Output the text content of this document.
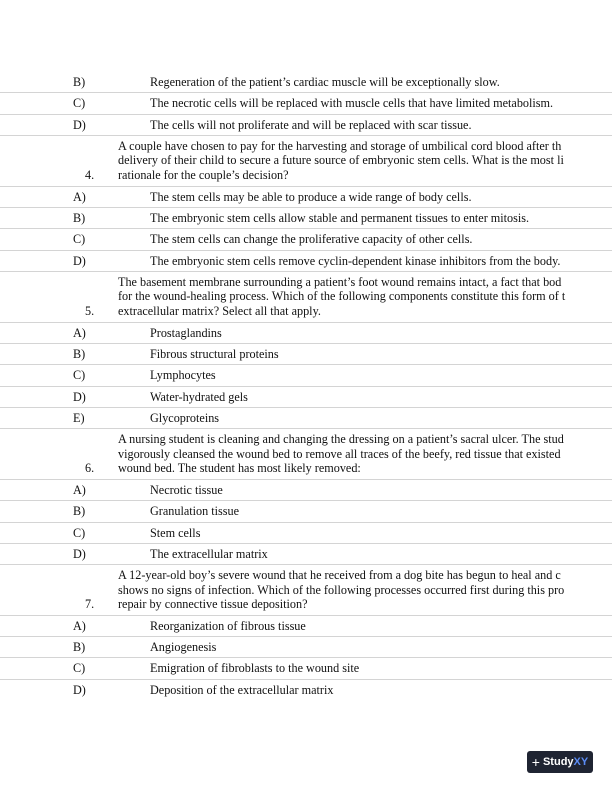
B)	Regeneration of the patient’s cardiac muscle will be exceptionally slow.
C)	The necrotic cells will be replaced with muscle cells that have limited metabolism.
D)	The cells will not proliferate and will be replaced with scar tissue.
4.
A couple have chosen to pay for the harvesting and storage of umbilical cord blood after th
delivery of their child to secure a future source of embryonic stem cells. What is the most li
rationale for the couple’s decision?
A)	The stem cells may be able to produce a wide range of body cells.
B)	The embryonic stem cells allow stable and permanent tissues to enter mitosis.
C)	The stem cells can change the proliferative capacity of other cells.
D)	The embryonic stem cells remove cyclin-dependent kinase inhibitors from the body.
5.
The basement membrane surrounding a patient’s foot wound remains intact, a fact that bod
for the wound-healing process. Which of the following components constitute this form of t
extracellular matrix? Select all that apply.
A)	Prostaglandins
B)	Fibrous structural proteins
C)	Lymphocytes
D)	Water-hydrated gels
E)	Glycoproteins
6.
A nursing student is cleaning and changing the dressing on a patient’s sacral ulcer. The stud
vigorously cleansed the wound bed to remove all traces of the beefy, red tissue that existed
wound bed. The student has most likely removed:
A)	Necrotic tissue
B)	Granulation tissue
C)	Stem cells
D)	The extracellular matrix
7.
A 12-year-old boy’s severe wound that he received from a dog bite has begun to heal and c
shows no signs of infection. Which of the following processes occurred first during this pro
repair by connective tissue deposition?
A)	Reorganization of fibrous tissue
B)	Angiogenesis
C)	Emigration of fibroblasts to the wound site
D)	Deposition of the extracellular matrix
+ StudyXY
